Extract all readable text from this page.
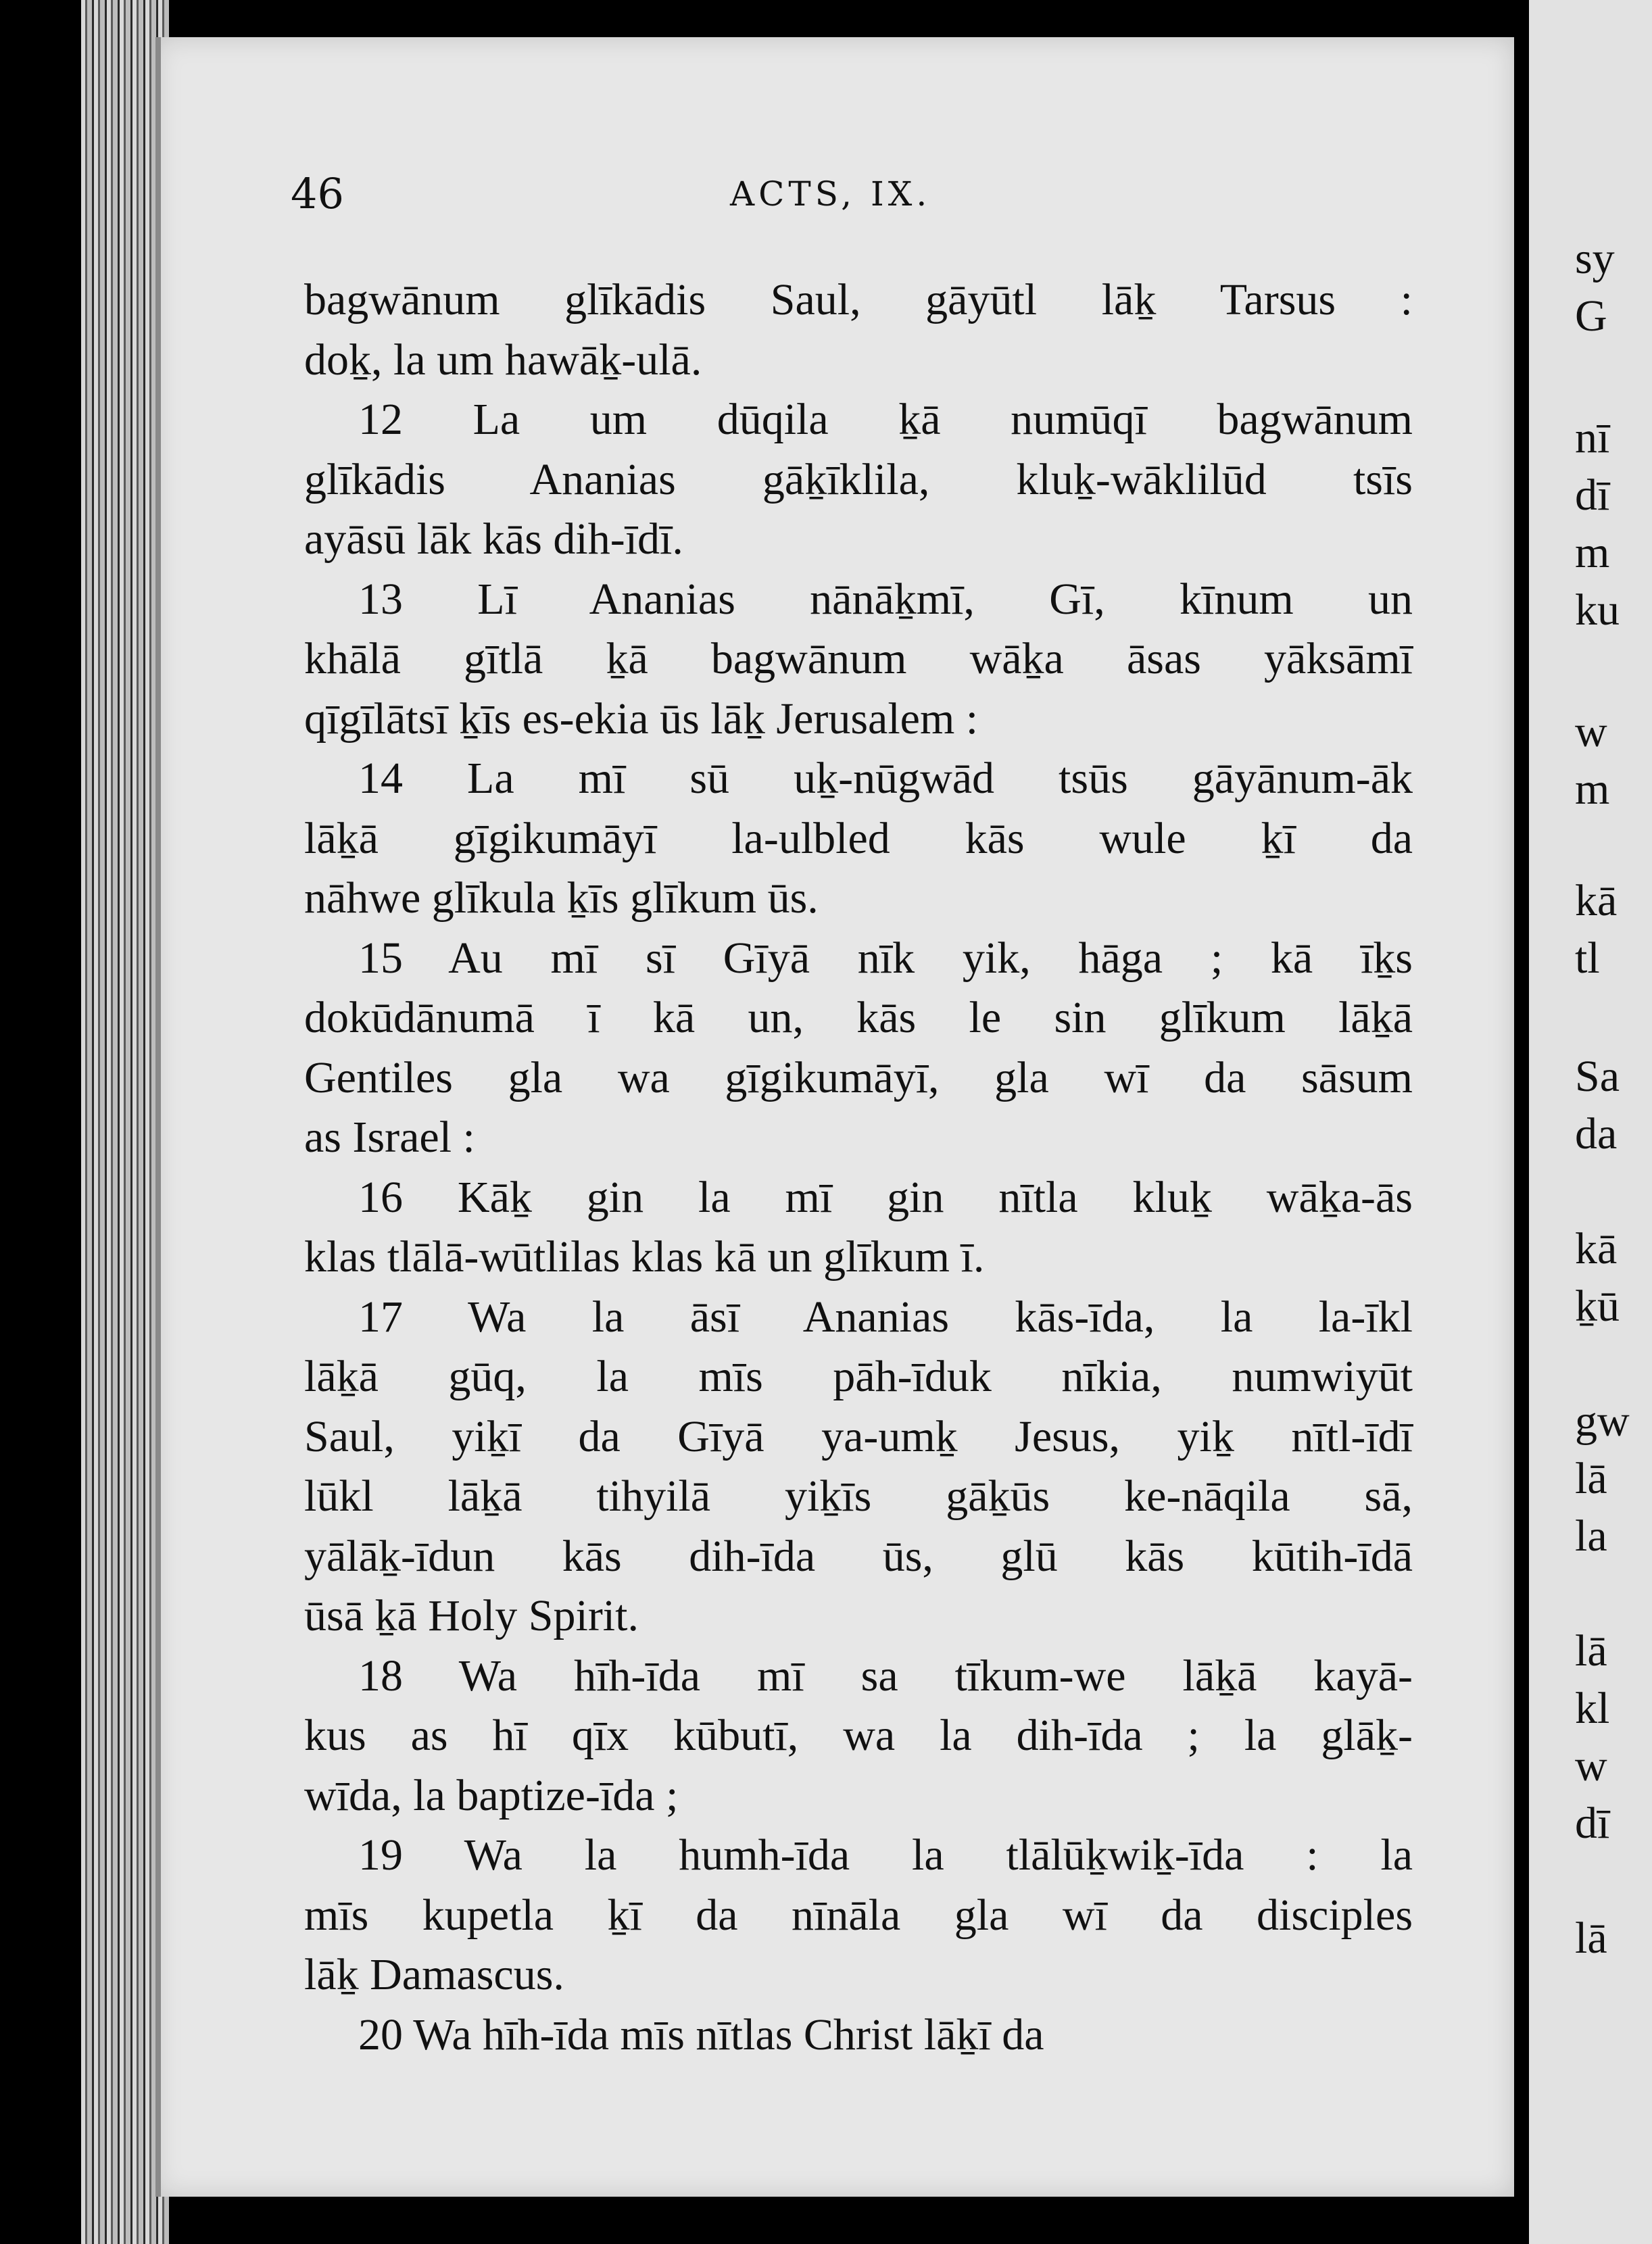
46	ACTS, IX.
bagwānum glīkādis Saul, gāyūtl lāḵ Tarsus :
doḵ, la um hawāḵ-ulā.
12 La um dūqila ḵā numūqī bagwānum
glīkādis Ananias gāḵīklila, kluḵ-wāklilūd tsīs
ayāsū lāk kās dih-īdī.
13 Lī Ananias nānāḵmī, Gī, kīnum un
khālā gītlā ḵā bagwānum wāḵa āsas yāksāmī
qīgīlātsī ḵīs es-ekia ūs lāḵ Jerusalem :
14 La mī sū uḵ-nūgwād tsūs gāyānum-āk
lāḵā gīgikumāyī la-ulbled kās wule ḵī da
nāhwe glīkula ḵīs glīkum ūs.
15 Au mī sī Gīyā nīk yik, hāga ; kā īḵs
dokūdānumā ī kā un, kās le sin glīkum lāḵā
Gentiles gla wa gīgikumāyī, gla wī da sāsum
as Israel :
16 Kāḵ gin la mī gin nītla kluḵ wāḵa-ās
klas tlālā-wūtlilas klas kā un glīkum ī.
17 Wa la āsī Ananias kās-īda, la la-īkl
lāḵā gūq, la mīs pāh-īduk nīkia, numwiyūt
Saul, yiḵī da Gīyā ya-umḵ Jesus, yiḵ nītl-īdī
lūkl lāḵā tihyilā yiḵīs gāḵūs ke-nāqila sā,
yālāḵ-īdun kās dih-īda ūs, glū kās kūtih-īdā
ūsā ḵā Holy Spirit.
18 Wa hīh-īda mī sa tīkum-we lāḵā kayā-
kus as hī qīx kūbutī, wa la dih-īda ; la glāḵ-
wīda, la baptize-īda ;
19 Wa la humh-īda la tlālūḵwiḵ-īda : la
mīs kupetla ḵī da nīnāla gla wī da disciples
lāḵ Damascus.
20 Wa hīh-īda mīs nītlas Christ lāḵī da
sy
G
nī
dī
m
ku
w
m
kā
tl
Sa
da
kā
ḵū
gw
lā
la
lā
kl
w
dī
lā
